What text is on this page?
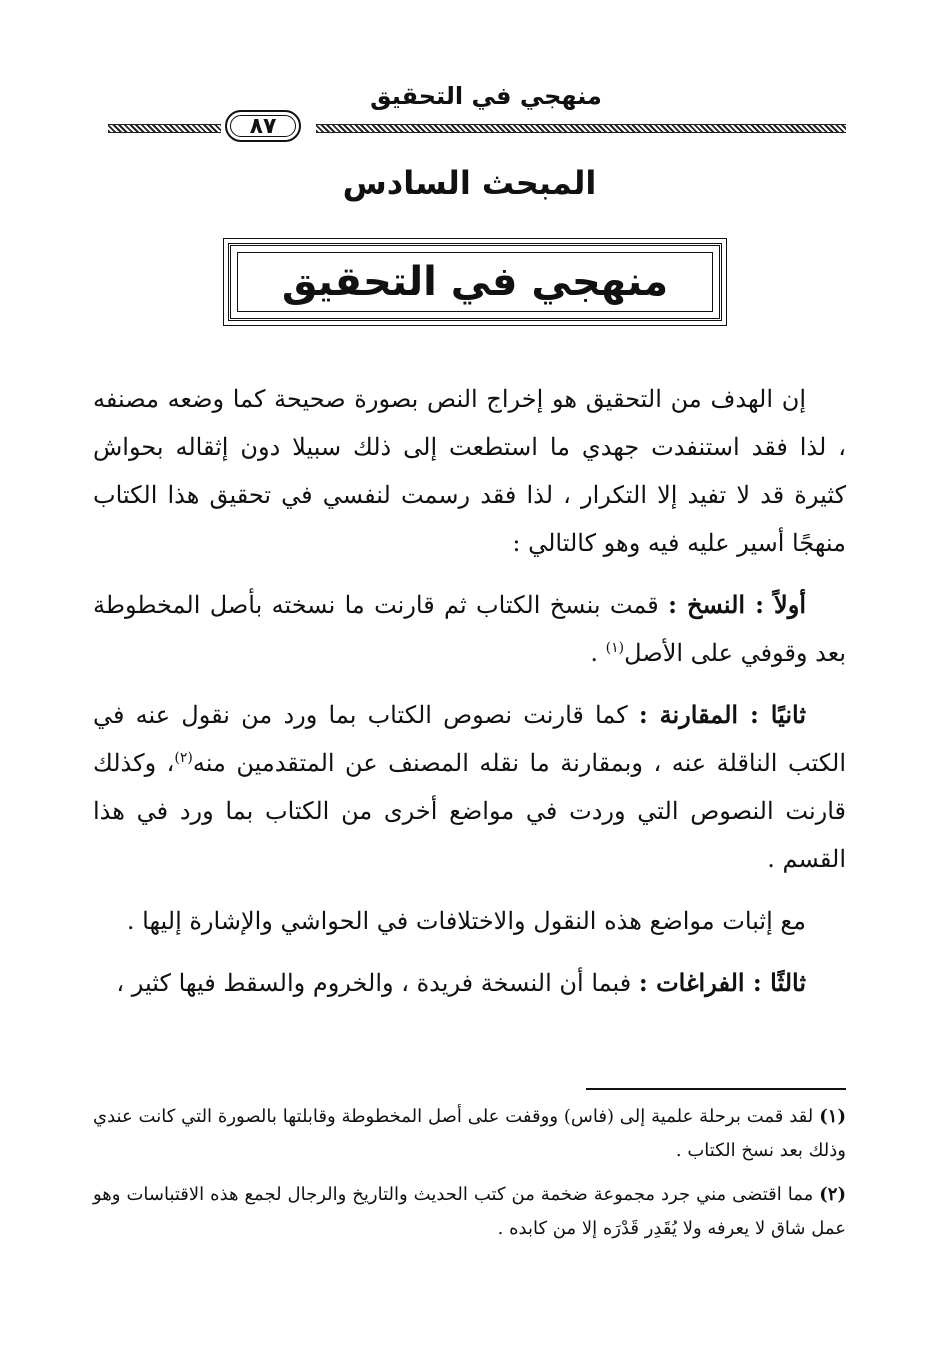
منهجي في التحقيق
٨٧
المبحث السادس
منهجي في التحقيق

إن الهدف من التحقيق هو إخراج النص بصورة صحيحة كما وضعه مصنفه ، لذا فقد استنفدت جهدي ما استطعت إلى ذلك سبيلا دون إثقاله بحواش كثيرة قد لا تفيد إلا التكرار ، لذا فقد رسمت لنفسي في تحقيق هذا الكتاب منهجًا أسير عليه فيه وهو كالتالي :

أولاً : النسخ : قمت بنسخ الكتاب ثم قارنت ما نسخته بأصل المخطوطة بعد وقوفي على الأصل$^{(١)}$ .

ثانيًا : المقارنة : كما قارنت نصوص الكتاب بما ورد من نقول عنه في الكتب الناقلة عنه ، وبمقارنة ما نقله المصنف عن المتقدمين منه$^{(٢)}$، وكذلك قارنت النصوص التي وردت في مواضع أخرى من الكتاب بما ورد في هذا القسم .

مع إثبات مواضع هذه النقول والاختلافات في الحواشي والإشارة إليها .

ثالثًا : الفراغات : فبما أن النسخة فريدة ، والخروم والسقط فيها كثير ،

(١)لقد قمت برحلة علمية إلى (فاس) ووقفت على أصل المخطوطة وقابلتها بالصورة التي كانت عندي وذلك بعد نسخ الكتاب .

(٢)مما اقتضى مني جرد مجموعة ضخمة من كتب الحديث والتاريخ والرجال لجمع هذه الاقتباسات وهو عمل شاق لا يعرفه ولا يُقَدِر قَدْرَه إلا من كابده .
